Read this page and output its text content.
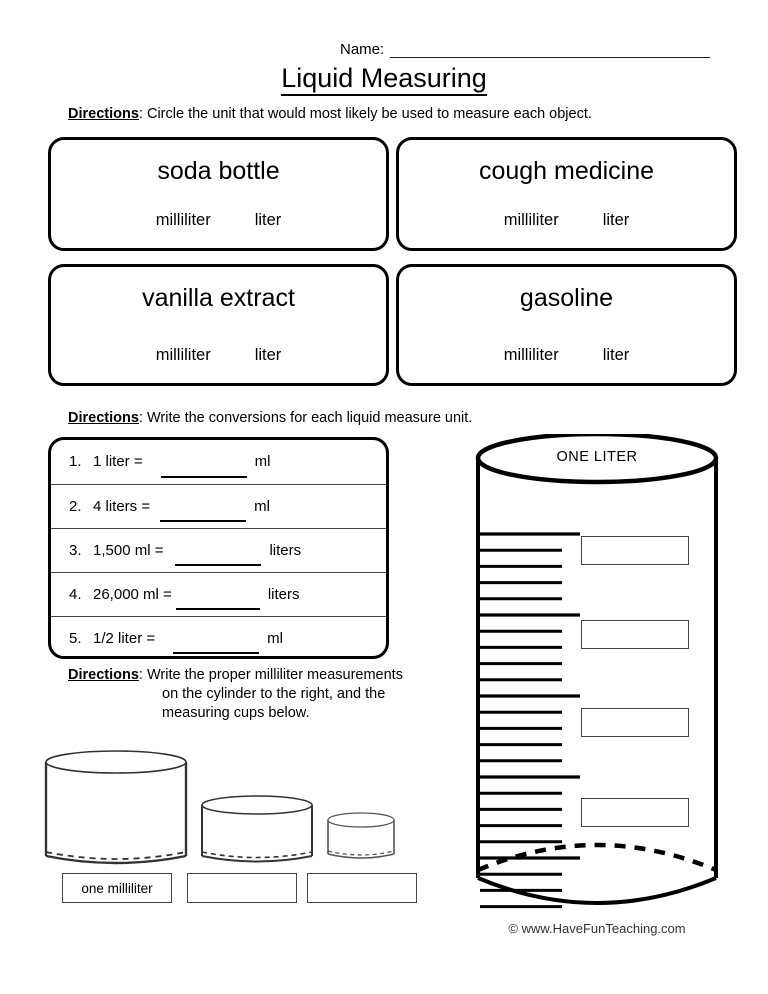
Name:
Liquid Measuring
Directions: Circle the unit that would most likely be used to measure each object.
soda bottle
milliliter	liter
cough medicine
milliliter	liter
vanilla extract
milliliter	liter
gasoline
milliliter	liter
Directions: Write the conversions for each liquid measure unit.
1. 1 liter =	ml
2. 4 liters =	ml
3. 1,500 ml =	liters
4. 26,000 ml =	liters
5. 1/2 liter =	ml
Directions: Write the proper milliliter measurements
on the cylinder to the right, and the
measuring cups below.
ONE LITER
one milliliter
© www.HaveFunTeaching.com
